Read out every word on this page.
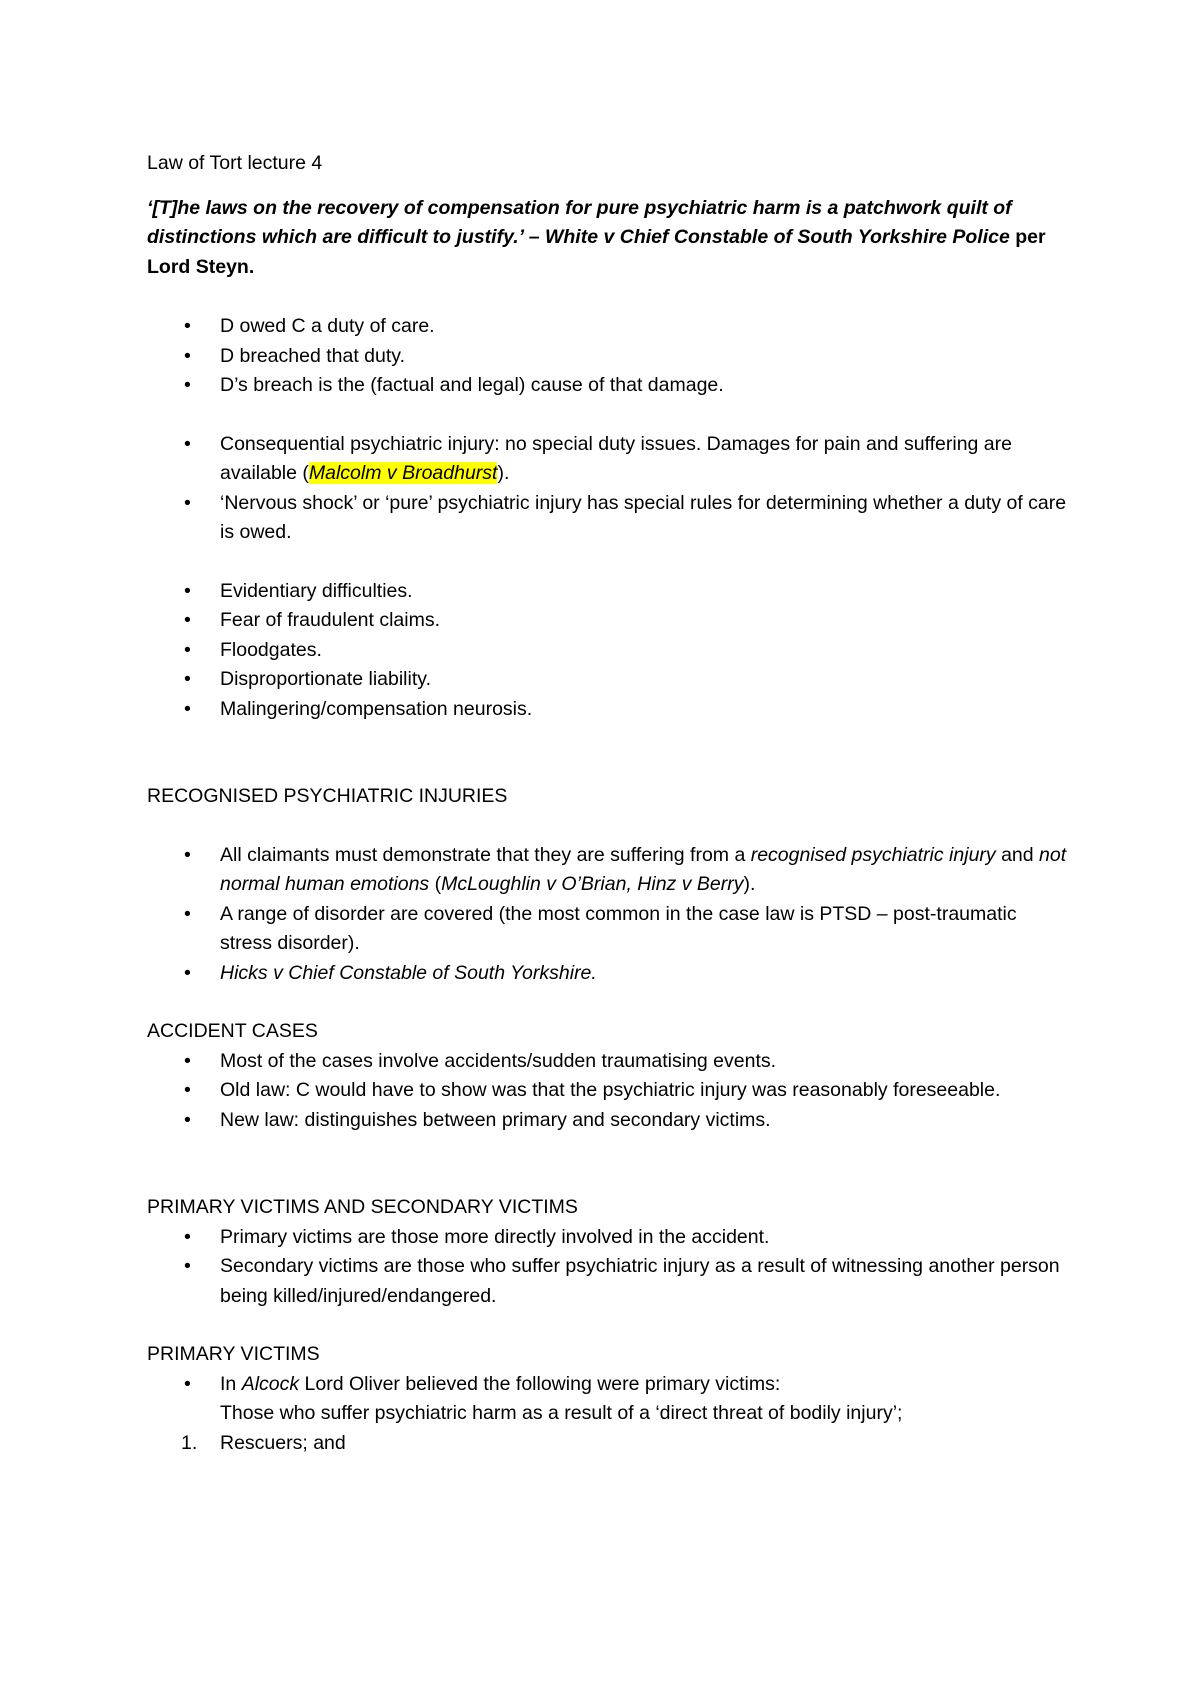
Law of Tort lecture 4

‘[T]he laws on the recovery of compensation for pure psychiatric harm is a patchwork quilt of distinctions which are difficult to justify.’ – White v Chief Constable of South Yorkshire Police per Lord Steyn.

• D owed C a duty of care.
• D breached that duty.
• D’s breach is the (factual and legal) cause of that damage.
• Consequential psychiatric injury: no special duty issues. Damages for pain and suffering are available (Malcolm v Broadhurst).
• ‘Nervous shock’ or ‘pure’ psychiatric injury has special rules for determining whether a duty of care is owed.
• Evidentiary difficulties.
• Fear of fraudulent claims.
• Floodgates.
• Disproportionate liability.
• Malingering/compensation neurosis.
RECOGNISED PSYCHIATRIC INJURIES
• All claimants must demonstrate that they are suffering from a recognised psychiatric injury and not normal human emotions (McLoughlin v O’Brian, Hinz v Berry).
• A range of disorder are covered (the most common in the case law is PTSD – post-traumatic stress disorder).
• Hicks v Chief Constable of South Yorkshire.
ACCIDENT CASES
• Most of the cases involve accidents/sudden traumatising events.
• Old law: C would have to show was that the psychiatric injury was reasonably foreseeable.
• New law: distinguishes between primary and secondary victims.
PRIMARY VICTIMS AND SECONDARY VICTIMS
• Primary victims are those more directly involved in the accident.
• Secondary victims are those who suffer psychiatric injury as a result of witnessing another person being killed/injured/endangered.
PRIMARY VICTIMS
• In Alcock Lord Oliver believed the following were primary victims:
Those who suffer psychiatric harm as a result of a ‘direct threat of bodily injury’;
1. Rescuers; and
